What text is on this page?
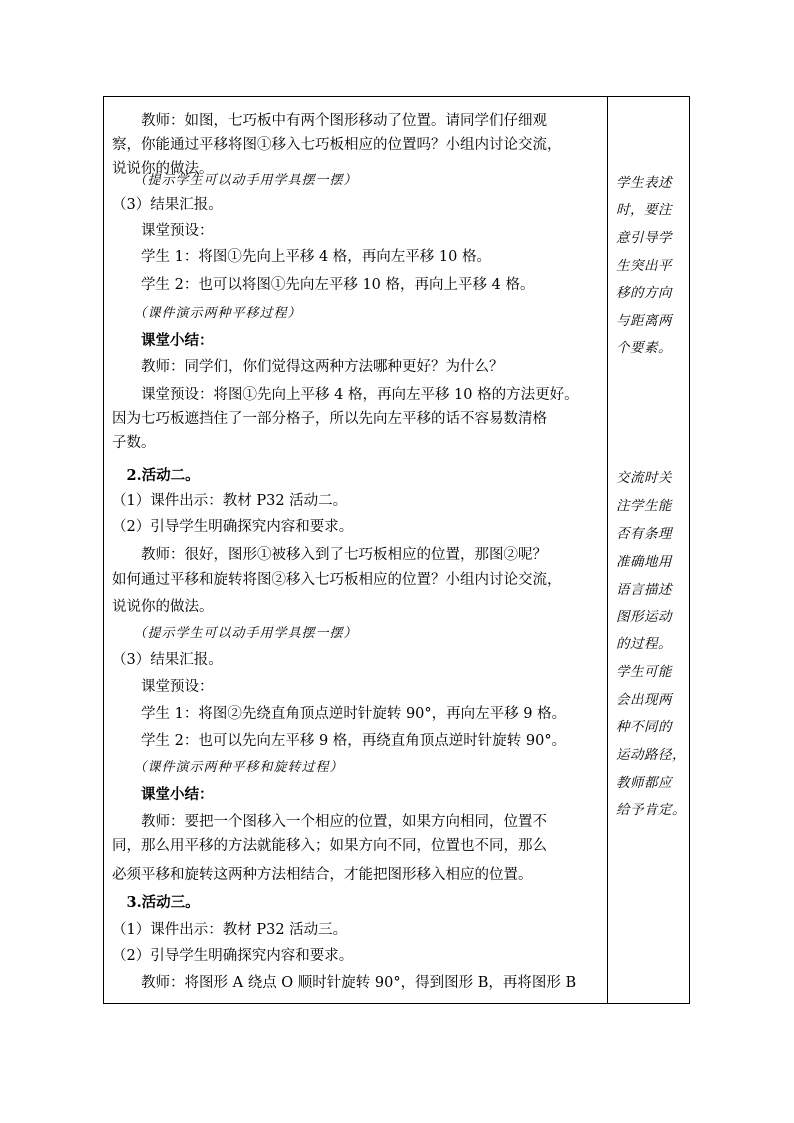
　　教师：如图，七巧板中有两个图形移动了位置。请同学们仔细观
察，你能通过平移将图①移入七巧板相应的位置吗？小组内讨论交流，
说说你的做法。
　　（提示学生可以动手用学具摆一摆）
（3）结果汇报。
　　课堂预设：
　　学生 1：将图①先向上平移 4 格，再向左平移 10 格。
　　学生 2：也可以将图①先向左平移 10 格，再向上平移 4 格。
　　（课件演示两种平移过程）
　　课堂小结：
　　教师：同学们，你们觉得这两种方法哪种更好？为什么？
　　课堂预设：将图①先向上平移 4 格，再向左平移 10 格的方法更好。
因为七巧板遮挡住了一部分格子，所以先向左平移的话不容易数清格
子数。
　2.活动二。
（1）课件出示：教材 P32 活动二。
（2）引导学生明确探究内容和要求。
　　教师：很好，图形①被移入到了七巧板相应的位置，那图②呢？
如何通过平移和旋转将图②移入七巧板相应的位置？小组内讨论交流，
说说你的做法。
　　（提示学生可以动手用学具摆一摆）
（3）结果汇报。
　　课堂预设：
　　学生 1：将图②先绕直角顶点逆时针旋转 90°，再向左平移 9 格。
　　学生 2：也可以先向左平移 9 格，再绕直角顶点逆时针旋转 90°。
　　（课件演示两种平移和旋转过程）
　　课堂小结：
　　教师：要把一个图移入一个相应的位置，如果方向相同，位置不
同，那么用平移的方法就能移入；如果方向不同，位置也不同，那么
必须平移和旋转这两种方法相结合，才能把图形移入相应的位置。
　3.活动三。
（1）课件出示：教材 P32 活动三。
（2）引导学生明确探究内容和要求。
　　教师：将图形 A 绕点 O 顺时针旋转 90°，得到图形 B，再将图形 B
学生表述
时，要注
意引导学
生突出平
移的方向
与距离两
个要素。
交流时关
注学生能
否有条理
准确地用
语言描述
图形运动
的过程。
学生可能
会出现两
种不同的
运动路径，
教师都应
给予肯定。
